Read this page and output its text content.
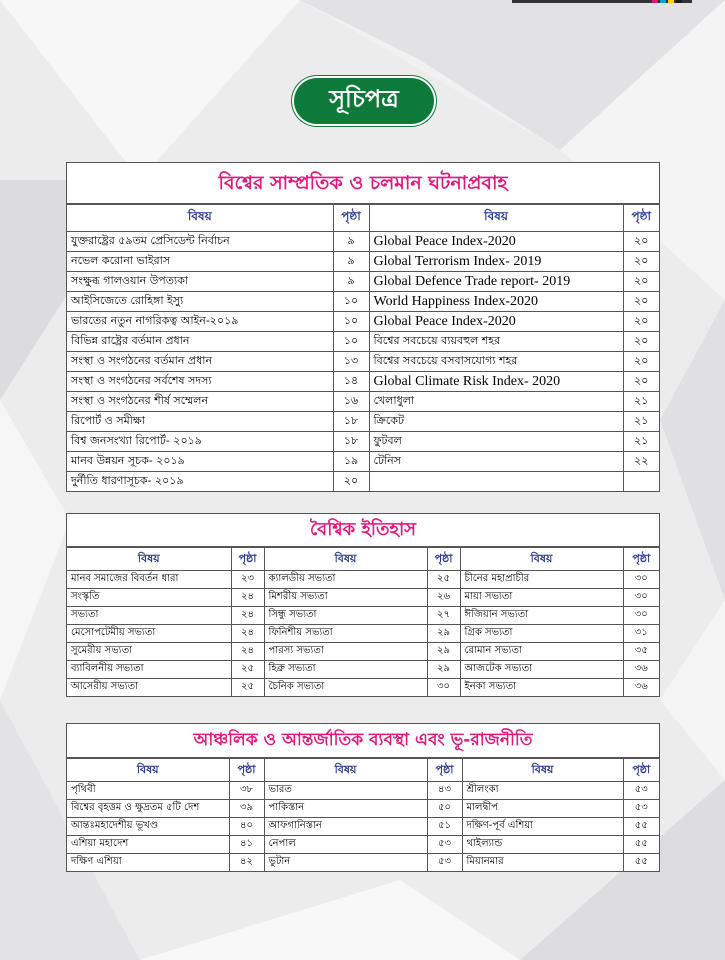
সূচিপত্র
বিশ্বের সাম্প্রতিক ও চলমান ঘটনাপ্রবাহ
বিষয়	পৃষ্ঠা	বিষয়	পৃষ্ঠা
যুক্তরাষ্ট্রের ৫৯তম প্রেসিডেন্ট নির্বাচন	৯	Global Peace Index-2020	২০
নভেল করোনা ভাইরাস	৯	Global Terrorism Index- 2019	২০
সংক্ষুব্ধ গালওয়ান উপত্যকা	৯	Global Defence Trade report- 2019	২০
আইসিজেতে রোহিঙ্গা ইস্যু	১০	World Happiness Index-2020	২০
ভারতের নতুন নাগরিকত্ব আইন-২০১৯	১০	Global Peace Index-2020	২০
বিভিন্ন রাষ্ট্রের বর্তমান প্রধান	১০	বিশ্বের সবচেয়ে ব্যয়বহুল শহর	২০
সংস্থা ও সংগঠনের বর্তমান প্রধান	১৩	বিশ্বের সবচেয়ে বসবাসযোগ্য শহর	২০
সংস্থা ও সংগঠনের সর্বশেষ সদস্য	১৪	Global Climate Risk Index- 2020	২০
সংস্থা ও সংগঠনের শীর্ষ সম্মেলন	১৬	খেলাধুলা	২১
রিপোর্ট ও সমীক্ষা	১৮	ক্রিকেট	২১
বিশ্ব জনসংখ্যা রিপোর্ট- ২০১৯	১৮	ফুটবল	২১
মানব উন্নয়ন সূচক- ২০১৯	১৯	টেনিস	২২
দুর্নীতি ধারণাসূচক- ২০১৯	২০		
বৈশ্বিক ইতিহাস
বিষয়	পৃষ্ঠা	বিষয়	পৃষ্ঠা	বিষয়	পৃষ্ঠা
মানব সমাজের বিবর্তন ধারা	২৩	ক্যালডীয় সভ্যতা	২৫	চীনের মহাপ্রাচীর	৩০
সংস্কৃতি	২৪	মিশরীয় সভ্যতা	২৬	মায়া সভ্যতা	৩০
সভ্যতা	২৪	সিন্ধু সভ্যতা	২৭	ঈজিয়ান সভ্যতা	৩০
মেসোপটেমীয় সভ্যতা	২৪	ফিনিশীয় সভ্যতা	২৯	গ্রিক সভ্যতা	৩১
সুমেরীয় সভ্যতা	২৪	পারস্য সভ্যতা	২৯	রোমান সভ্যতা	৩৫
ব্যাবিলনীয় সভ্যতা	২৫	হিব্রু সভ্যতা	২৯	আজটেক সভ্যতা	৩৬
আসেরীয় সভ্যতা	২৫	চৈনিক সভ্যতা	৩০	ইনকা সভ্যতা	৩৬
আঞ্চলিক ও আন্তর্জাতিক ব্যবস্থা এবং ভূ-রাজনীতি
বিষয়	পৃষ্ঠা	বিষয়	পৃষ্ঠা	বিষয়	পৃষ্ঠা
পৃথিবী	৩৮	ভারত	৪৩	শ্রীলংকা	৫৩
বিশ্বের বৃহত্তম ও ক্ষুদ্রতম ৫টি দেশ	৩৯	পাকিস্তান	৫০	মালদ্বীপ	৫৩
আন্তঃমহাদেশীয় ভূখণ্ড	৪০	আফগানিস্তান	৫১	দক্ষিণ-পূর্ব এশিয়া	৫৫
এশিয়া মহাদেশ	৪১	নেপাল	৫৩	থাইল্যান্ড	৫৫
দক্ষিণ এশিয়া	৪২	ভুটান	৫৩	মিয়ানমার	৫৫
